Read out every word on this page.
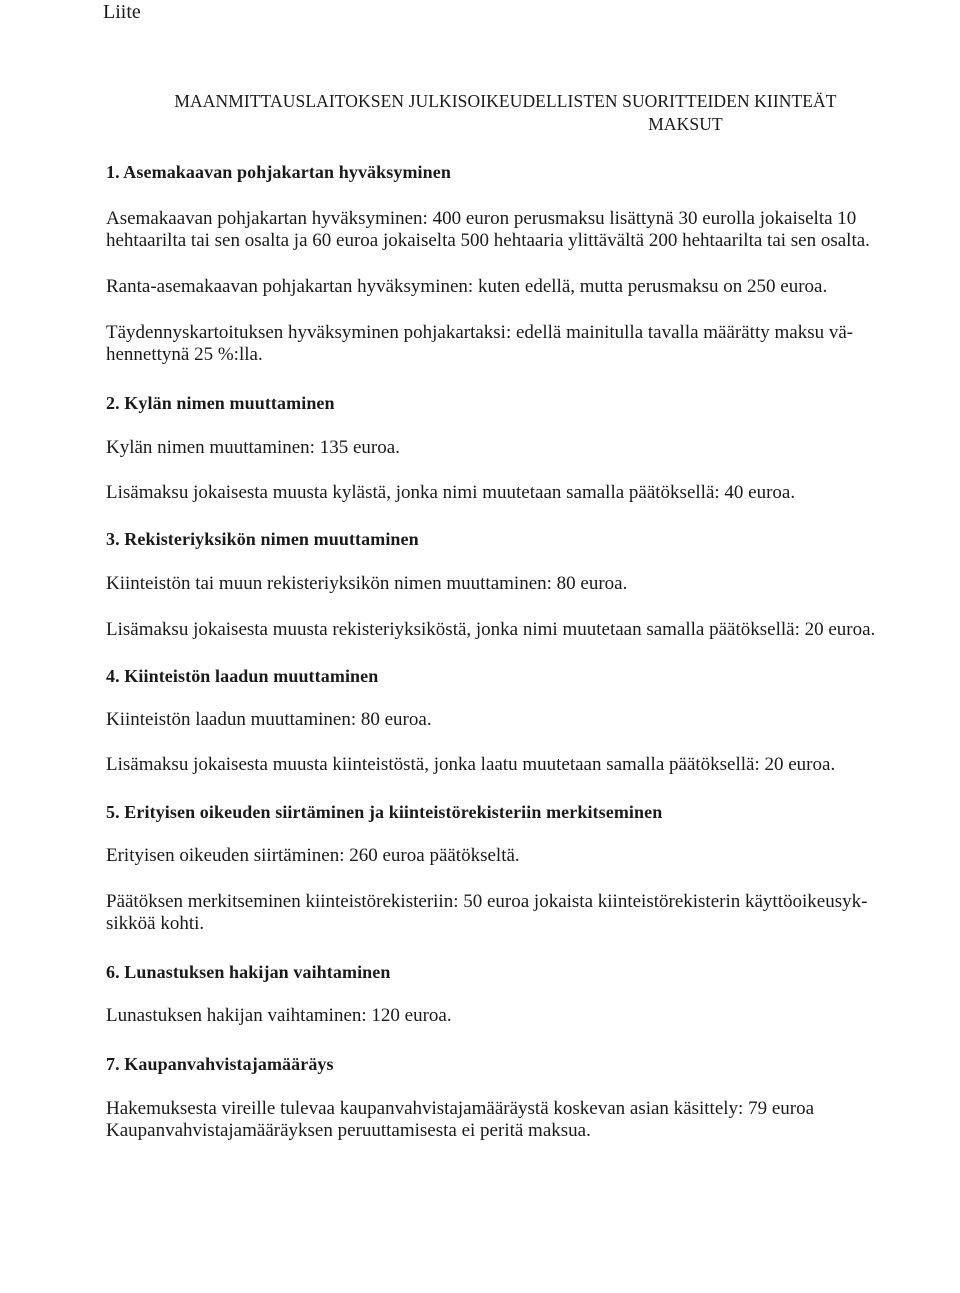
Liite
MAANMITTAUSLAITOKSEN JULKISOIKEUDELLISTEN SUORITTEIDEN KIINTEÄT
MAKSUT
1. Asemakaavan pohjakartan hyväksyminen
Asemakaavan pohjakartan hyväksyminen: 400 euron perusmaksu lisättynä 30 eurolla jokaiselta 10
hehtaarilta tai sen osalta ja 60 euroa jokaiselta 500 hehtaaria ylittävältä 200 hehtaarilta tai sen osalta.
Ranta-asemakaavan pohjakartan hyväksyminen: kuten edellä, mutta perusmaksu on 250 euroa.
Täydennyskartoituksen hyväksyminen pohjakartaksi: edellä mainitulla tavalla määrätty maksu vä-
hennettynä 25 %:lla.
2. Kylän nimen muuttaminen
Kylän nimen muuttaminen: 135 euroa.
Lisämaksu jokaisesta muusta kylästä, jonka nimi muutetaan samalla päätöksellä: 40 euroa.
3. Rekisteriyksikön nimen muuttaminen
Kiinteistön tai muun rekisteriyksikön nimen muuttaminen: 80 euroa.
Lisämaksu jokaisesta muusta rekisteriyksiköstä, jonka nimi muutetaan samalla päätöksellä: 20 euroa.
4. Kiinteistön laadun muuttaminen
Kiinteistön laadun muuttaminen: 80 euroa.
Lisämaksu jokaisesta muusta kiinteistöstä, jonka laatu muutetaan samalla päätöksellä: 20 euroa.
5. Erityisen oikeuden siirtäminen ja kiinteistörekisteriin merkitseminen
Erityisen oikeuden siirtäminen: 260 euroa päätökseltä.
Päätöksen merkitseminen kiinteistörekisteriin: 50 euroa jokaista kiinteistörekisterin käyttöoikeusyk-
sikköä kohti.
6. Lunastuksen hakijan vaihtaminen
Lunastuksen hakijan vaihtaminen: 120 euroa.
7. Kaupanvahvistajamääräys
Hakemuksesta vireille tulevaa kaupanvahvistajamääräystä koskevan asian käsittely: 79 euroa
Kaupanvahvistajamääräyksen peruuttamisesta ei peritä maksua.
